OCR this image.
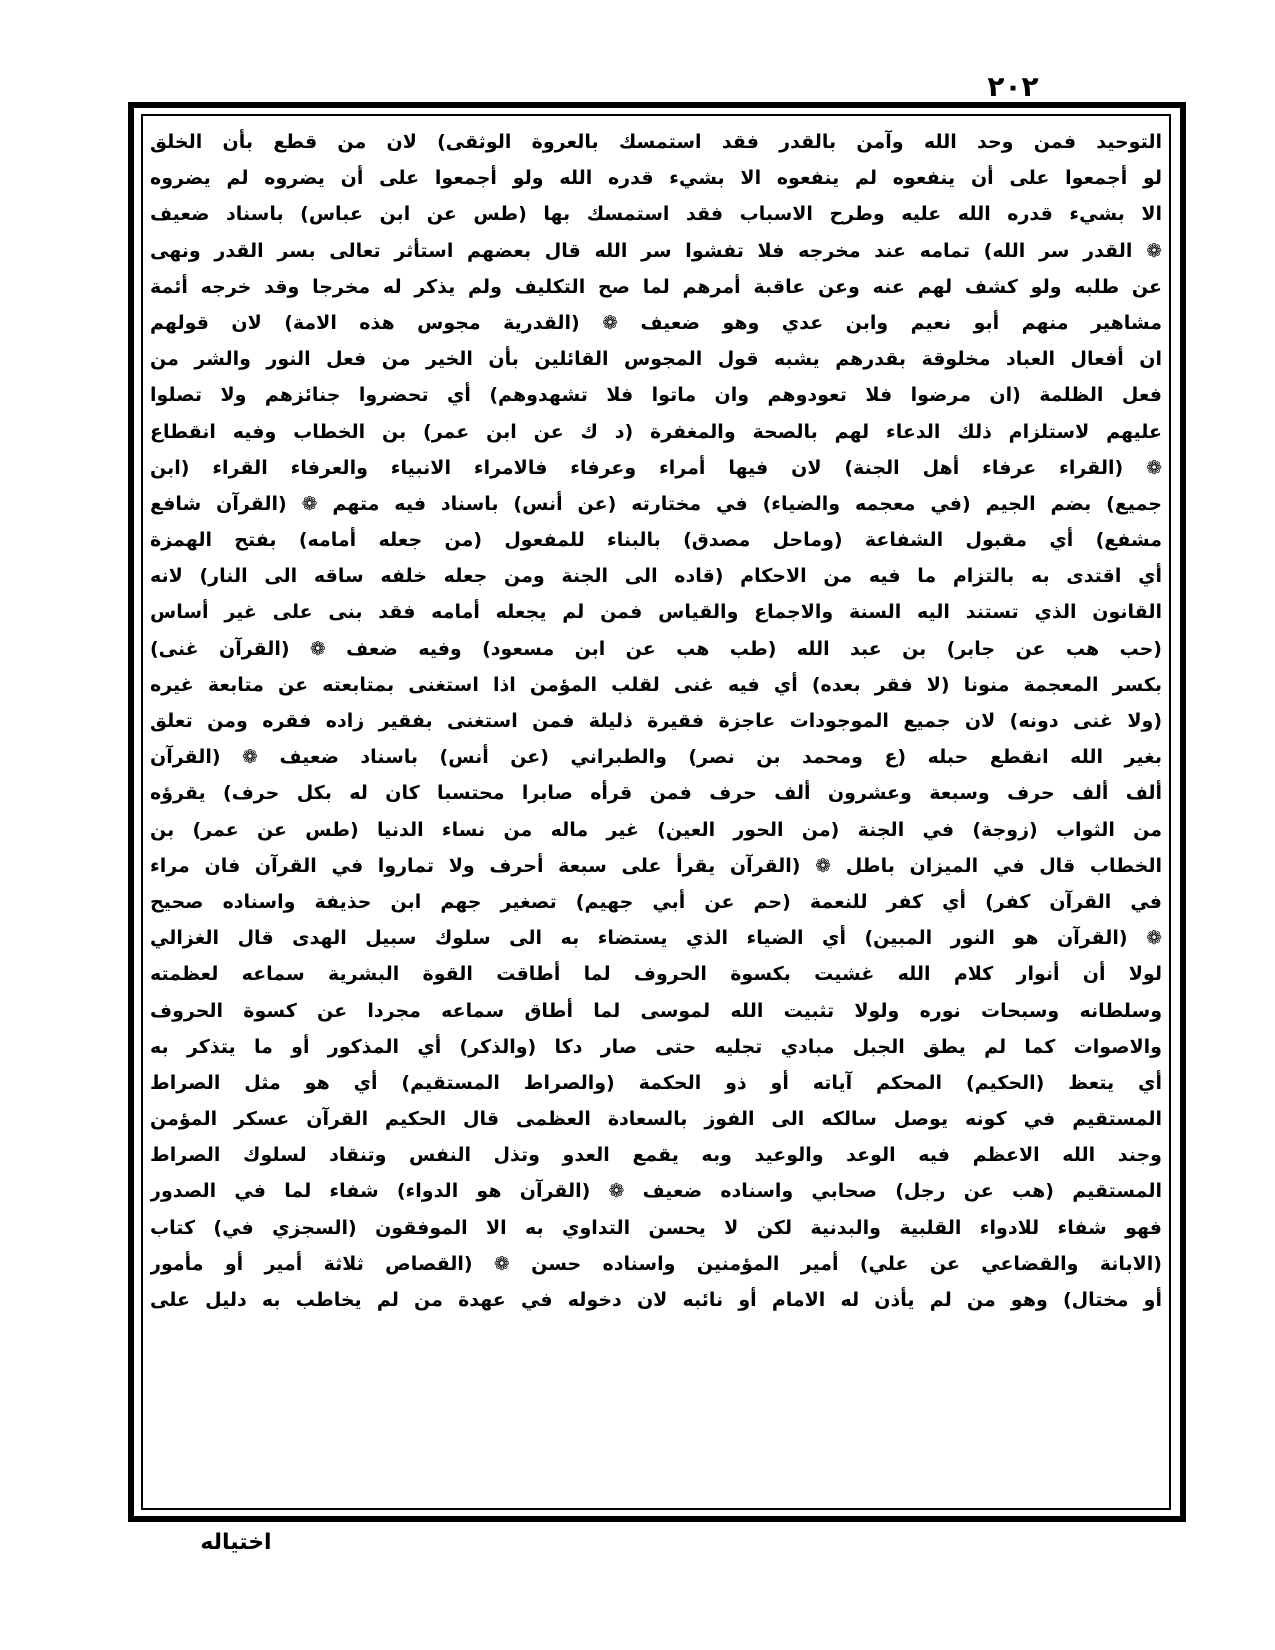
٢٠٢
التوحيد فمن وحد الله وآمن بالقدر فقد استمسك بالعروة الوثقى) لان من قطع بأن الخلق
لو أجمعوا على أن ينفعوه لم ينفعوه الا بشيء قدره الله ولو أجمعوا على أن يضروه لم يضروه
الا بشيء قدره الله عليه وطرح الاسباب فقد استمسك بها (طس عن ابن عباس) باسناد ضعيف
❁ القدر سر الله) تمامه عند مخرجه فلا تفشوا سر الله قال بعضهم استأثر تعالى بسر القدر ونهى
عن طلبه ولو كشف لهم عنه وعن عاقبة أمرهم لما صح التكليف ولم يذكر له مخرجا وقد خرجه أئمة
مشاهير منهم أبو نعيم وابن عدي وهو ضعيف ❁ (القدرية مجوس هذه الامة) لان قولهم
ان أفعال العباد مخلوقة بقدرهم يشبه قول المجوس القائلين بأن الخير من فعل النور والشر من
فعل الظلمة (ان مرضوا فلا تعودوهم وان ماتوا فلا تشهدوهم) أي تحضروا جنائزهم ولا تصلوا
عليهم لاستلزام ذلك الدعاء لهم بالصحة والمغفرة (د ك عن ابن عمر) بن الخطاب وفيه انقطاع
❁ (القراء عرفاء أهل الجنة) لان فيها أمراء وعرفاء فالامراء الانبياء والعرفاء القراء (ابن
جميع) بضم الجيم (في معجمه والضياء) في مختارته (عن أنس) باسناد فيه متهم ❁ (القرآن شافع
مشفع) أي مقبول الشفاعة (وماحل مصدق) بالبناء للمفعول (من جعله أمامه) بفتح الهمزة
أي اقتدى به بالتزام ما فيه من الاحكام (قاده الى الجنة ومن جعله خلفه ساقه الى النار) لانه
القانون الذي تستند اليه السنة والاجماع والقياس فمن لم يجعله أمامه فقد بنى على غير أساس
(حب هب عن جابر) بن عبد الله (طب هب عن ابن مسعود) وفيه ضعف ❁ (القرآن غنى)
بكسر المعجمة منونا (لا فقر بعده) أي فيه غنى لقلب المؤمن اذا استغنى بمتابعته عن متابعة غيره
(ولا غنى دونه) لان جميع الموجودات عاجزة فقيرة ذليلة فمن استغنى بفقير زاده فقره ومن تعلق
بغير الله انقطع حبله (ع ومحمد بن نصر) والطبراني (عن أنس) باسناد ضعيف ❁ (القرآن
ألف ألف حرف وسبعة وعشرون ألف حرف فمن قرأه صابرا محتسبا كان له بكل حرف) يقرؤه
من الثواب (زوجة) في الجنة (من الحور العين) غير ماله من نساء الدنيا (طس عن عمر) بن
الخطاب قال في الميزان باطل ❁ (القرآن يقرأ على سبعة أحرف ولا تماروا في القرآن فان مراء
في القرآن كفر) أي كفر للنعمة (حم عن أبي جهيم) تصغير جهم ابن حذيفة واسناده صحيح
❁ (القرآن هو النور المبين) أي الضياء الذي يستضاء به الى سلوك سبيل الهدى قال الغزالي
لولا أن أنوار كلام الله غشيت بكسوة الحروف لما أطاقت القوة البشرية سماعه لعظمته
وسلطانه وسبحات نوره ولولا تثبيت الله لموسى لما أطاق سماعه مجردا عن كسوة الحروف
والاصوات كما لم يطق الجبل مبادي تجليه حتى صار دكا (والذكر) أي المذكور أو ما يتذكر به
أي يتعظ (الحكيم) المحكم آياته أو ذو الحكمة (والصراط المستقيم) أي هو مثل الصراط
المستقيم في كونه يوصل سالكه الى الفوز بالسعادة العظمى قال الحكيم القرآن عسكر المؤمن
وجند الله الاعظم فيه الوعد والوعيد وبه يقمع العدو وتذل النفس وتنقاد لسلوك الصراط
المستقيم (هب عن رجل) صحابي واسناده ضعيف ❁ (القرآن هو الدواء) شفاء لما في الصدور
فهو شفاء للادواء القلبية والبدنية لكن لا يحسن التداوي به الا الموفقون (السجزي في) كتاب
(الابانة والقضاعي عن علي) أمير المؤمنين واسناده حسن ❁ (القصاص ثلاثة أمير أو مأمور
أو مختال) وهو من لم يأذن له الامام أو نائبه لان دخوله في عهدة من لم يخاطب به دليل على
اختياله
